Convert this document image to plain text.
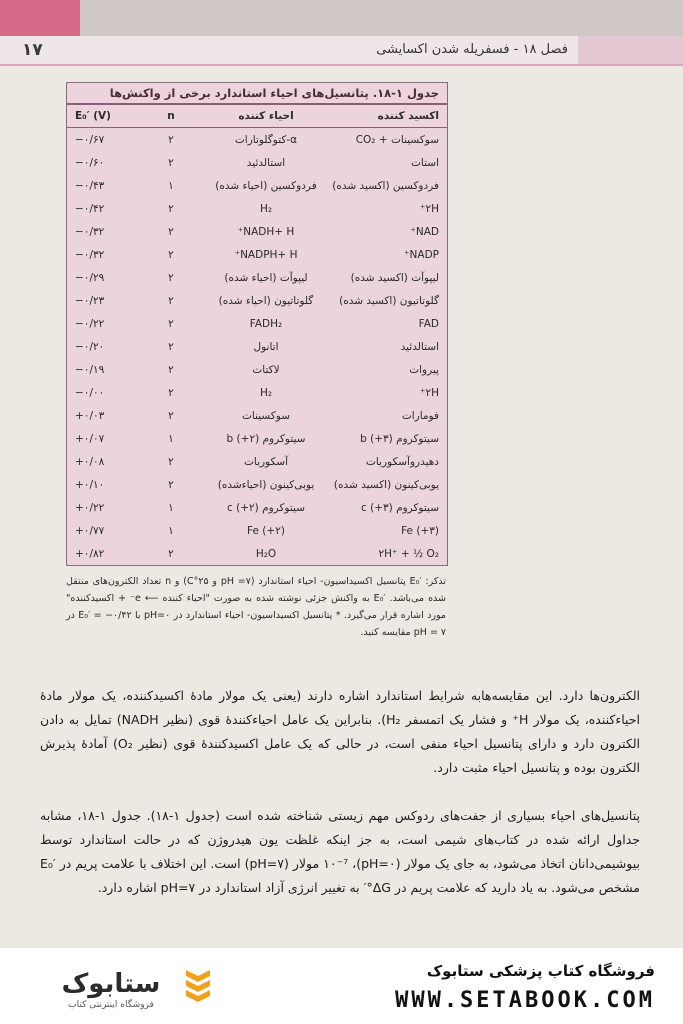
۱۷	فصل ۱۸ - فسفریله شدن اکسایشی
جدول ۱-۱۸. پتانسیل‌های احیاء استاندارد برخی از واکنش‌ها
اکسید کننده
احیاء کننده
n
E₀′ (V)
سوکسینات + CO₂
α-کتوگلوتارات
۲
−۰/۶۷
استات
استالدئید
۲
−۰/۶۰
فردوکسین (اکسید شده)
فردوکسین (احیاء شده)
۱
−۰/۴۳
۲H⁺
H₂
۲
−۰/۴۲
NAD⁺
NADH+ H⁺
۲
−۰/۳۲
NADP⁺
NADPH+ H⁺
۲
−۰/۳۲
لیپوآت (اکسید شده)
لیپوآت (احیاء شده)
۲
−۰/۲۹
گلوتاتیون (اکسید شده)
گلوتاتیون (احیاء شده)
۲
−۰/۲۳
FAD
FADH₂
۲
−۰/۲۲
استالدئید
اتانول
۲
−۰/۲۰
پیروات
لاکتات
۲
−۰/۱۹
۲H⁺
H₂
۲
−۰/۰۰
فومارات
سوکسینات
۲
+۰/۰۳
سیتوکروم b (+۳)
سیتوکروم b (+۲)
۱
+۰/۰۷
دهیدروآسکوربات
آسکوربات
۲
+۰/۰۸
یوبی‌کینون (اکسید شده)
یوبی‌کینون (احیاءشده)
۲
+۰/۱۰
سیتوکروم c (+۳)
سیتوکروم c (+۲)
۱
+۰/۲۲
Fe (+۳)
Fe (+۲)
۱
+۰/۷۷
۲H⁺ + ½ O₂
H₂O
۲
+۰/۸۲
تذکر: E₀′ پتانسیل اکسیداسیون- احیاء استاندارد (pH =۷ و ۲۵°C) و n تعداد الکترون‌های منتقل شده می‌باشد. E₀′ به واکنش جزئی نوشته شده به صورت "احیاء کننده ⟵ e⁻ + اکسیدکننده" مورد اشاره قرار می‌گیرد. * پتانسیل اکسیداسیون- احیاء استاندارد در pH=۰ با ۰/۴۲− = E₀′ در pH = ۷ مقایسه کنید.
الکترون‌ها دارد. این مقایسه‌هابه شرایط استاندارد اشاره دارند (یعنی یک مولار مادهٔ اکسیدکننده، یک مولار مادهٔ احیاءکننده، یک مولار H⁺ و فشار یک اتمسفر H₂). بنابراین یک عامل احیاءکنندهٔ قوی (نظیر NADH) تمایل به دادن الکترون دارد و دارای پتانسیل احیاء منفی است، در حالی که یک عامل اکسیدکنندهٔ قوی (نظیر O₂) آمادهٔ پذیرش الکترون بوده و پتانسیل احیاء مثبت دارد.
پتانسیل‌های احیاء بسیاری از جفت‌های ردوکس مهم زیستی شناخته شده است (جدول ۱-۱۸). جدول ۱-۱۸، مشابه جداول ارائه شده در کتاب‌های شیمی است، به جز اینکه غلظت یون هیدروژن که در حالت استاندارد توسط بیوشیمی‌دانان اتخاذ می‌شود، به جای یک مولار (pH=۰)، ۱۰⁻⁷ مولار (pH=۷) است. این اختلاف با علامت پریم در E₀′ مشخص می‌شود. به یاد دارید که علامت پریم در ΔG°′ به تغییر انرژی آزاد استاندارد در pH=۷ اشاره دارد.
ستابوک
فروشگاه اینترنتی کتاب
فروشگاه کتاب پزشکی ستابوک
WWW.SETABOOK.COM
